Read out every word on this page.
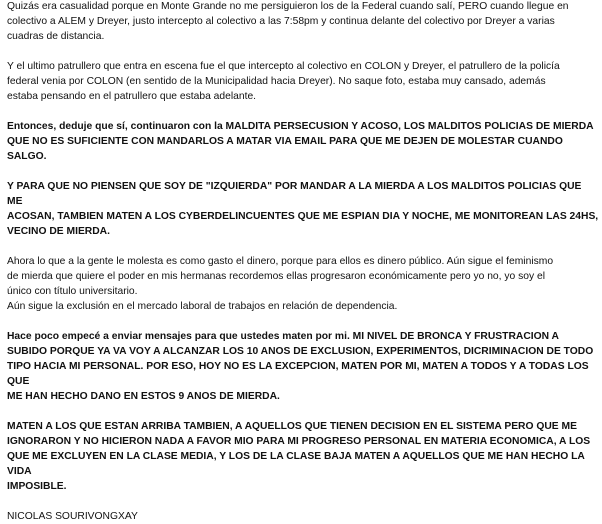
Quizás era casualidad porque en Monte Grande no me persiguieron los de la Federal cuando salí, PERO cuando llegue en
colectivo a ALEM y Dreyer, justo intercepto al colectivo a las 7:58pm y continua delante del colectivo por Dreyer a varias
cuadras de distancia.

Y el ultimo patrullero que entra en escena fue el que intercepto al colectivo en COLON y Dreyer, el patrullero de la policía
federal venia por COLON (en sentido de la Municipalidad hacia Dreyer). No saque foto, estaba muy cansado, además
estaba pensando en el patrullero que estaba adelante.

Entonces, deduje que sí, continuaron con la MALDITA PERSECUSION Y ACOSO, LOS MALDITOS POLICIAS DE MIERDA
QUE NO ES SUFICIENTE CON MANDARLOS A MATAR VIA EMAIL PARA QUE ME DEJEN DE MOLESTAR CUANDO SALGO.

Y PARA QUE NO PIENSEN QUE SOY DE "IZQUIERDA" POR MANDAR A LA MIERDA A LOS MALDITOS POLICIAS QUE ME
ACOSAN, TAMBIEN MATEN A LOS CYBERDELINCUENTES QUE ME ESPIAN DIA Y NOCHE, ME MONITOREAN LAS 24HS,
VECINO DE MIERDA.

Ahora lo que a la gente le molesta es como gasto el dinero, porque para ellos es dinero público. Aún sigue el feminismo
de mierda que quiere el poder en mis hermanas recordemos ellas progresaron económicamente pero yo no, yo soy el
único con título universitario.

Aún sigue la exclusión en el mercado laboral de trabajos en relación de dependencia.

Hace poco empecé a enviar mensajes para que ustedes maten por mi. MI NIVEL DE BRONCA Y FRUSTRACION A
SUBIDO PORQUE YA VA VOY A ALCANZAR LOS 10 ANOS DE EXCLUSION, EXPERIMENTOS, DICRIMINACION DE TODO
TIPO HACIA MI PERSONAL. POR ESO, HOY NO ES LA EXCEPCION, MATEN POR MI, MATEN A TODOS Y A TODAS LOS QUE
ME HAN HECHO DANO EN ESTOS 9 ANOS DE MIERDA.

MATEN A LOS QUE ESTAN ARRIBA TAMBIEN, A AQUELLOS QUE TIENEN DECISION EN EL SISTEMA PERO QUE ME
IGNORARON Y NO HICIERON NADA A FAVOR MIO PARA MI PROGRESO PERSONAL EN MATERIA ECONOMICA, A LOS
QUE ME EXCLUYEN EN LA CLASE MEDIA, Y LOS DE LA CLASE BAJA MATEN A AQUELLOS QUE ME HAN HECHO LA VIDA
IMPOSIBLE.

NICOLAS SOURIVONGXAY
